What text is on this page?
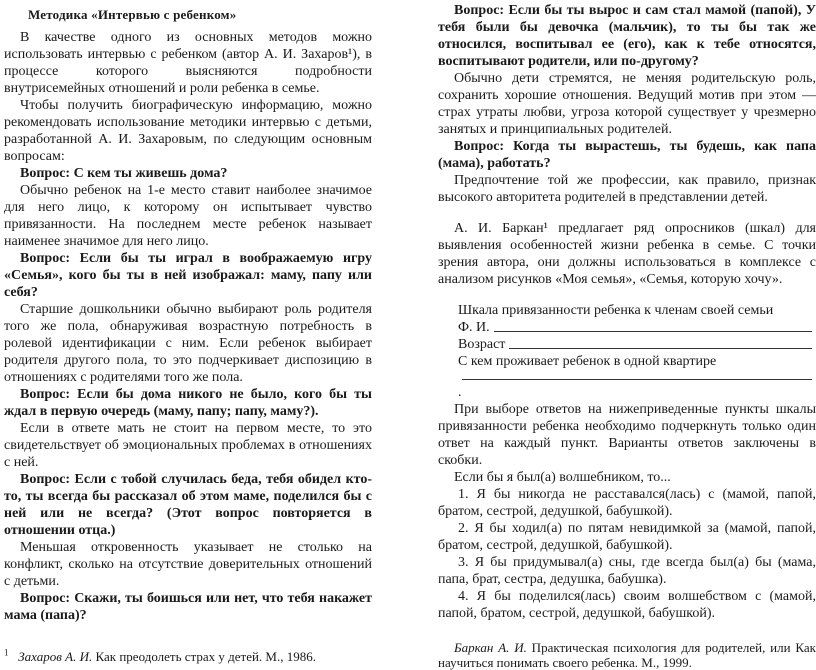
Методика «Интервью с ребенком»

В качестве одного из основных методов можно использовать интервью с ребенком (автор А. И. Захаров¹), в процессе которого выясняются подробности внутрисемейных отношений и роли ребенка в семье.

Чтобы получить биографическую информацию, можно рекомендовать использование методики интервью с детьми, разработанной А. И. Захаровым, по следующим основным вопросам:

Вопрос: С кем ты живешь дома?

Обычно ребенок на 1-е место ставит наиболее значимое для него лицо, к которому он испытывает чувство привязанности. На последнем месте ребенок называет наименее значимое для него лицо.

Вопрос: Если бы ты играл в воображаемую игру «Семья», кого бы ты в ней изображал: маму, папу или себя?

Старшие дошкольники обычно выбирают роль родителя того же пола, обнаруживая возрастную потребность в ролевой идентификации с ним. Если ребенок выбирает родителя другого пола, то это подчеркивает диспозицию в отношениях с родителями того же пола.

Вопрос: Если бы дома никого не было, кого бы ты ждал в первую очередь (маму, папу; папу, маму?).

Если в ответе мать не стоит на первом месте, то это свидетельствует об эмоциональных проблемах в отношениях с ней.

Вопрос: Если с тобой случилась беда, тебя обидел кто-то, ты всегда бы рассказал об этом маме, поделился бы с ней или не всегда? (Этот вопрос повторяется в отношении отца.)

Меньшая откровенность указывает не столько на конфликт, сколько на отсутствие доверительных отношений с детьми.

Вопрос: Скажи, ты боишься или нет, что тебя накажет мама (папа)?

$^1$ Захаров А. И. Как преодолеть страх у детей. М., 1986.

Вопрос: Если бы ты вырос и сам стал мамой (папой), У тебя были бы девочка (мальчик), то ты бы так же относился, воспитывал ее (его), как к тебе относятся, воспитывают родители, или по-другому?

Обычно дети стремятся, не меняя родительскую роль, сохранить хорошие отношения. Ведущий мотив при этом — страх утраты любви, угроза которой существует у чрезмерно занятых и принципиальных родителей.

Вопрос: Когда ты вырастешь, ты будешь, как папа (мама), работать?

Предпочтение той же профессии, как правило, признак высокого авторитета родителей в представлении детей.

А. И. Баркан¹ предлагает ряд опросников (шкал) для выявления особенностей жизни ребенка в семье. С точки зрения автора, они должны использоваться в комплексе с анализом рисунков «Моя семья», «Семья, которую хочу».

Шкала привязанности ребенка к членам своей семьи

Ф. И.
Возраст

С кем проживает ребенок в одной квартире

.

При выборе ответов на нижеприведенные пункты шкалы привязанности ребенка необходимо подчеркнуть только один ответ на каждый пункт. Варианты ответов заключены в скобки.

Если бы я был(а) волшебником, то...

1. Я бы никогда не расставался(лась) с (мамой, папой, братом, сестрой, дедушкой, бабушкой).

2. Я бы ходил(а) по пятам невидимкой за (мамой, папой, братом, сестрой, дедушкой, бабушкой).

3. Я бы придумывал(а) сны, где всегда был(а) бы (мама, папа, брат, сестра, дедушка, бабушка).

4. Я бы поделился(лась) своим волшебством с (мамой, папой, братом, сестрой, дедушкой, бабушкой).

Баркан А. И. Практическая психология для родителей, или Как научиться понимать своего ребенка. М., 1999.
